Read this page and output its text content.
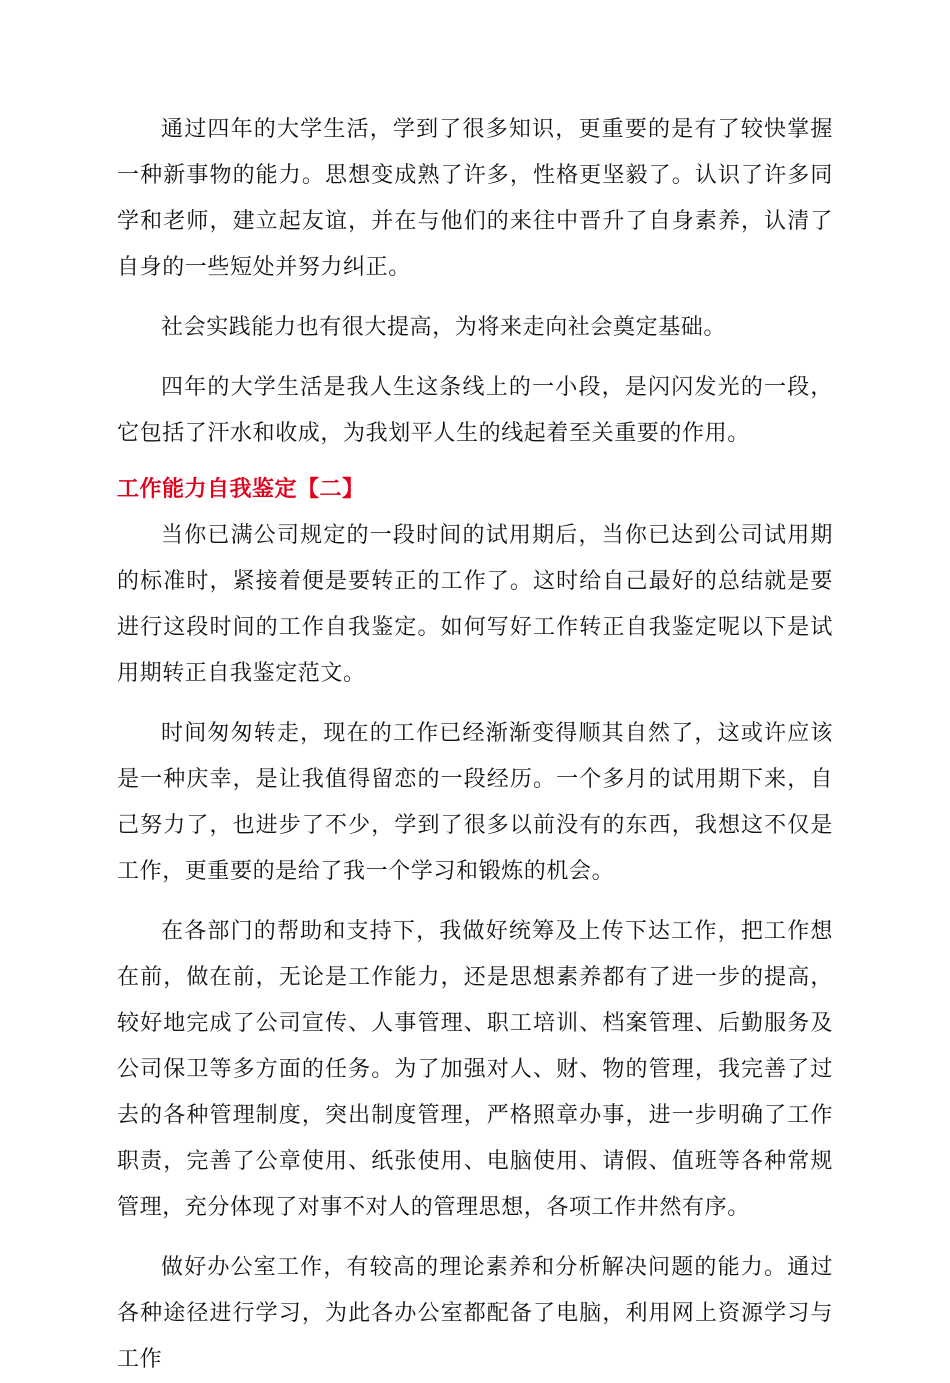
通过四年的大学生活，学到了很多知识，更重要的是有了较快掌握一种新事物的能力。思想变成熟了许多，性格更坚毅了。认识了许多同学和老师，建立起友谊，并在与他们的来往中晋升了自身素养，认清了自身的一些短处并努力纠正。

社会实践能力也有很大提高，为将来走向社会奠定基础。

四年的大学生活是我人生这条线上的一小段，是闪闪发光的一段，它包括了汗水和收成，为我划平人生的线起着至关重要的作用。

工作能力自我鉴定【二】

当你已满公司规定的一段时间的试用期后，当你已达到公司试用期的标准时，紧接着便是要转正的工作了。这时给自己最好的总结就是要进行这段时间的工作自我鉴定。如何写好工作转正自我鉴定呢以下是试用期转正自我鉴定范文。

时间匆匆转走，现在的工作已经渐渐变得顺其自然了，这或许应该是一种庆幸，是让我值得留恋的一段经历。一个多月的试用期下来，自己努力了，也进步了不少，学到了很多以前没有的东西，我想这不仅是工作，更重要的是给了我一个学习和锻炼的机会。

在各部门的帮助和支持下，我做好统筹及上传下达工作，把工作想在前，做在前，无论是工作能力，还是思想素养都有了进一步的提高，较好地完成了公司宣传、人事管理、职工培训、档案管理、后勤服务及公司保卫等多方面的任务。为了加强对人、财、物的管理，我完善了过去的各种管理制度，突出制度管理，严格照章办事，进一步明确了工作职责，完善了公章使用、纸张使用、电脑使用、请假、值班等各种常规管理，充分体现了对事不对人的管理思想，各项工作井然有序。

做好办公室工作，有较高的理论素养和分析解决问题的能力。通过各种途径进行学习，为此各办公室都配备了电脑，利用网上资源学习与工作
